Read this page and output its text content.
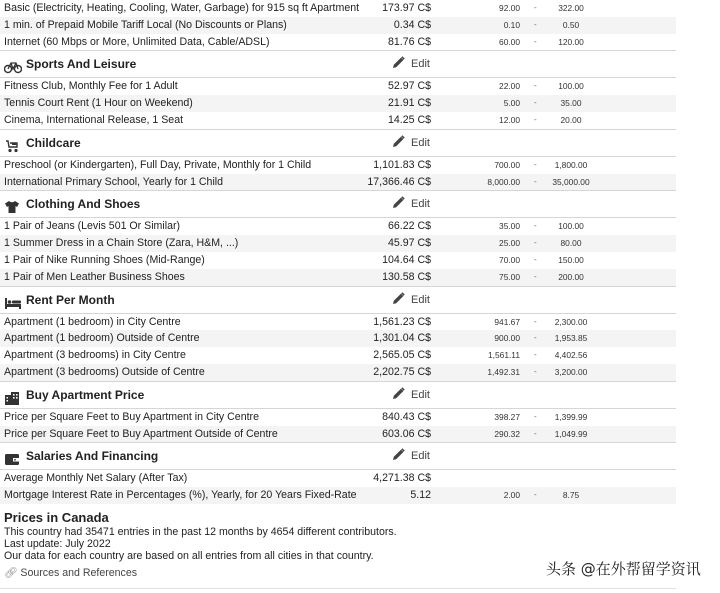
Basic (Electricity, Heating, Cooling, Water, Garbage) for 915 sq ft Apartment 173.97 C$	92.00 -	322.00
1 min. of Prepaid Mobile Tariff Local (No Discounts or Plans)	0.34 C$	0.10 -	0.50
Internet (60 Mbps or More, Unlimited Data, Cable/ADSL)	81.76 C$	60.00 -	120.00
Sports And Leisure	Edit
Fitness Club, Monthly Fee for 1 Adult	52.97 C$	22.00 -	100.00
Tennis Court Rent (1 Hour on Weekend)	21.91 C$	5.00 -	35.00
Cinema, International Release, 1 Seat	14.25 C$	12.00 -	20.00
Childcare	Edit
Preschool (or Kindergarten), Full Day, Private, Monthly for 1 Child	1,101.83 C$	700.00 -	1,800.00
International Primary School, Yearly for 1 Child	17,366.46 C$	8,000.00 -	35,000.00
Clothing And Shoes	Edit
1 Pair of Jeans (Levis 501 Or Similar)	66.22 C$	35.00 -	100.00
1 Summer Dress in a Chain Store (Zara, H&M, ...)	45.97 C$	25.00 -	80.00
1 Pair of Nike Running Shoes (Mid-Range)	104.64 C$	70.00 -	150.00
1 Pair of Men Leather Business Shoes	130.58 C$	75.00 -	200.00
Rent Per Month	Edit
Apartment (1 bedroom) in City Centre	1,561.23 C$	941.67 -	2,300.00
Apartment (1 bedroom) Outside of Centre	1,301.04 C$	900.00 -	1,953.85
Apartment (3 bedrooms) in City Centre	2,565.05 C$	1,561.11 -	4,402.56
Apartment (3 bedrooms) Outside of Centre	2,202.75 C$	1,492.31 -	3,200.00
Buy Apartment Price	Edit
Price per Square Feet to Buy Apartment in City Centre	840.43 C$	398.27 -	1,399.99
Price per Square Feet to Buy Apartment Outside of Centre	603.06 C$	290.32 -	1,049.99
Salaries And Financing	Edit
Average Monthly Net Salary (After Tax)	4,271.38 C$
Mortgage Interest Rate in Percentages (%), Yearly, for 20 Years Fixed-Rate	5.12	2.00 -	8.75
Prices in Canada
This country had 35471 entries in the past 12 months by 4654 different contributors.
Last update: July 2022
Our data for each country are based on all entries from all cities in that country.
🔗︎ Sources and References	头条 @在外帮留学资讯
